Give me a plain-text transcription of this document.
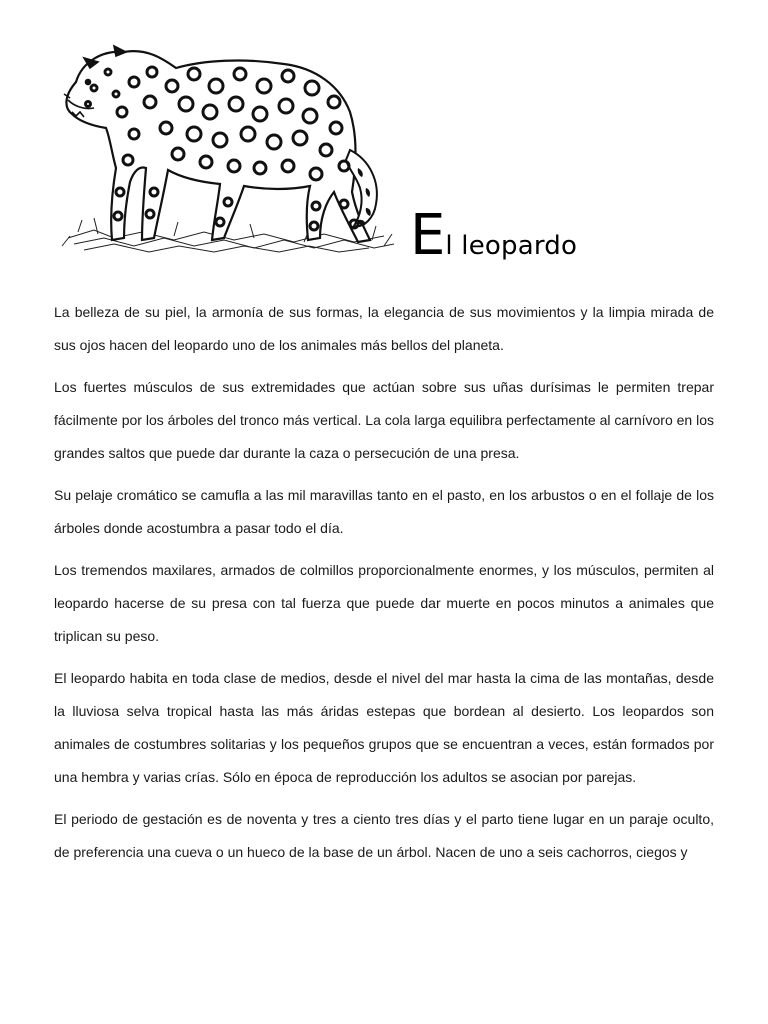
El leopardo

La belleza de su piel, la armonía de sus formas, la elegancia de sus movimientos y la limpia mirada de sus ojos hacen del leopardo uno de los animales más bellos del planeta.

Los fuertes músculos de sus extremidades que actúan sobre sus uñas durísimas le permiten trepar fácilmente por los árboles del tronco más vertical. La cola larga equilibra perfectamente al carnívoro en los grandes saltos que puede dar durante la caza o persecución de una presa.

Su pelaje cromático se camufla a las mil maravillas tanto en el pasto, en los arbustos o en el follaje de los árboles donde acostumbra a pasar todo el día.

Los tremendos maxilares, armados de colmillos proporcionalmente enormes, y los músculos, permiten al leopardo hacerse de su presa con tal fuerza que puede dar muerte en pocos minutos a animales que triplican su peso.

El leopardo habita en toda clase de medios, desde el nivel del mar hasta la cima de las montañas, desde la lluviosa selva tropical hasta las más áridas estepas que bordean al desierto. Los leopardos son animales de costumbres solitarias y los pequeños grupos que se encuentran a veces, están formados por una hembra y varias crías. Sólo en época de reproducción los adultos se asocian por parejas.

El periodo de gestación es de noventa y tres a ciento tres días y el parto tiene lugar en un paraje oculto, de preferencia una cueva o un hueco de la base de un árbol. Nacen de uno a seis cachorros, ciegos y
